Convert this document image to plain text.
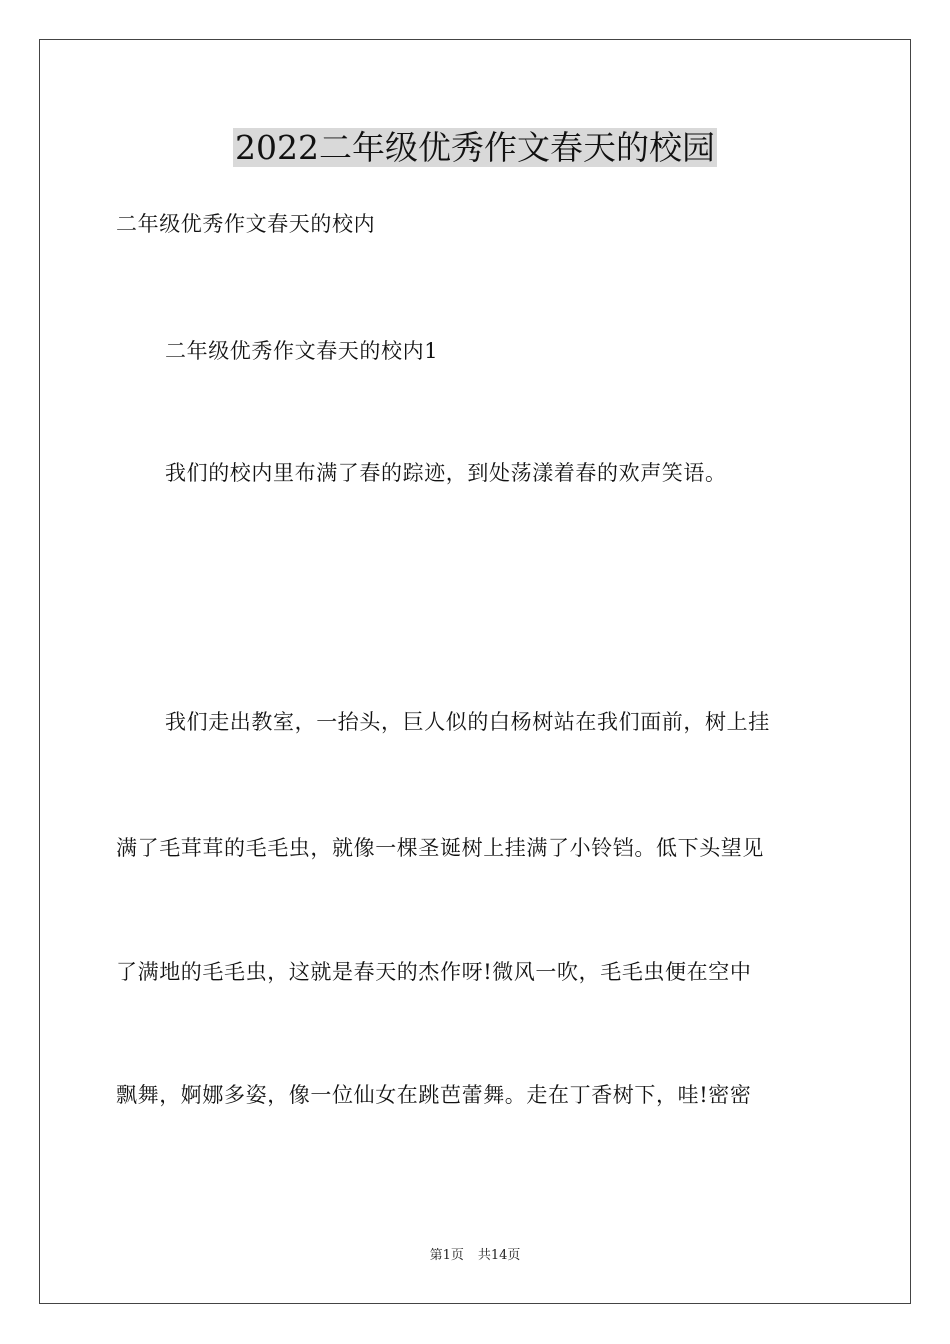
2022二年级优秀作文春天的校园

二年级优秀作文春天的校内

二年级优秀作文春天的校内1

我们的校内里布满了春的踪迹，到处荡漾着春的欢声笑语。

我们走出教室，一抬头，巨人似的白杨树站在我们面前，树上挂

满了毛茸茸的毛毛虫，就像一棵圣诞树上挂满了小铃铛。低下头望见

了满地的毛毛虫，这就是春天的杰作呀!微风一吹，毛毛虫便在空中

飘舞，婀娜多姿，像一位仙女在跳芭蕾舞。走在丁香树下，哇!密密

第1页 共14页
